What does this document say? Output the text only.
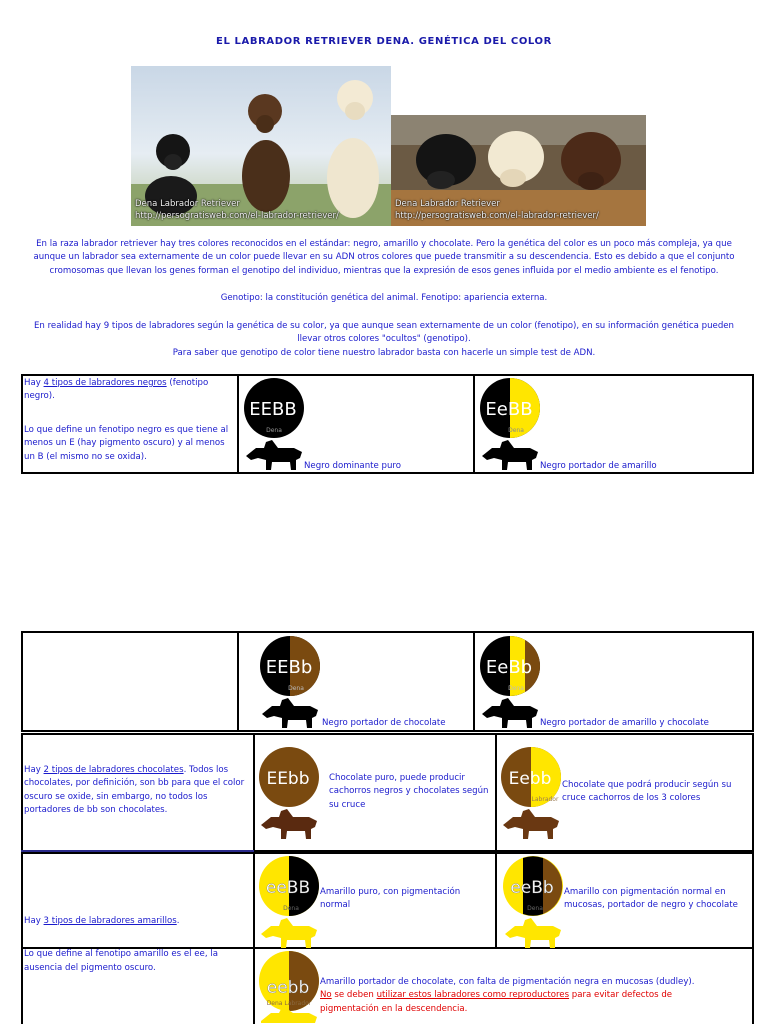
EL LABRADOR RETRIEVER DENA. GENÉTICA DEL COLOR
Dena Labrador Retriever
http://persogratisweb.com/el-labrador-retriever/
Dena Labrador Retriever
http://persogratisweb.com/el-labrador-retriever/
En la raza labrador retriever hay tres colores reconocidos en el estándar: negro, amarillo y chocolate. Pero la genética del color es un poco más compleja, ya que
aunque un labrador sea externamente de un color puede llevar en su ADN otros colores que puede transmitir a su descendencia. Esto es debido a que el conjunto
cromosomas que llevan los genes forman el genotipo del individuo, mientras que la expresión de esos genes influida por el medio ambiente es el fenotipo.
Genotipo: la constitución genética del animal. Fenotipo: apariencia externa.
En realidad hay 9 tipos de labradores según la genética de su color, ya que aunque sean externamente de un color (fenotipo), en su información genética pueden
llevar otros colores "ocultos" (genotipo).
Para saber que genotipo de color tiene nuestro labrador basta con hacerle un simple test de ADN.
Hay 4 tipos de labradores negros (fenotipo negro).
Lo que define un fenotipo negro es que tiene al menos un E (hay pigmento oscuro) y al menos un B (el mismo no se oxida).
EEBB
Dena
Negro dominante puro
EeBB
Dena
Negro portador de amarillo
EEBb
Dena
Negro portador de chocolate
EeBb
Dena
Negro portador de amarillo y chocolate
Hay 2 tipos de labradores chocolates. Todos los chocolates, por definición, son bb para que el color oscuro se oxide, sin embargo, no todos los portadores de bb son chocolates.
EEbb Chocolate puro, puede producir cachorros negros y chocolates según su cruce
Eebb
Labrador
Chocolate que podrá producir según su cruce cachorros de los 3 colores
Hay 3 tipos de labradores amarillos.
Lo que define al fenotipo amarillo es el ee, la ausencia del pigmento oscuro.
eeBB
Dena
Amarillo puro, con pigmentación normal
eeBb
Dena
Amarillo con pigmentación normal en mucosas, portador de negro y chocolate
eebb
Dena Labrador
Amarillo portador de chocolate, con falta de pigmentación negra en mucosas (dudley).
No se deben utilizar estos labradores como reproductores para evitar defectos de
pigmentación en la descendencia.
